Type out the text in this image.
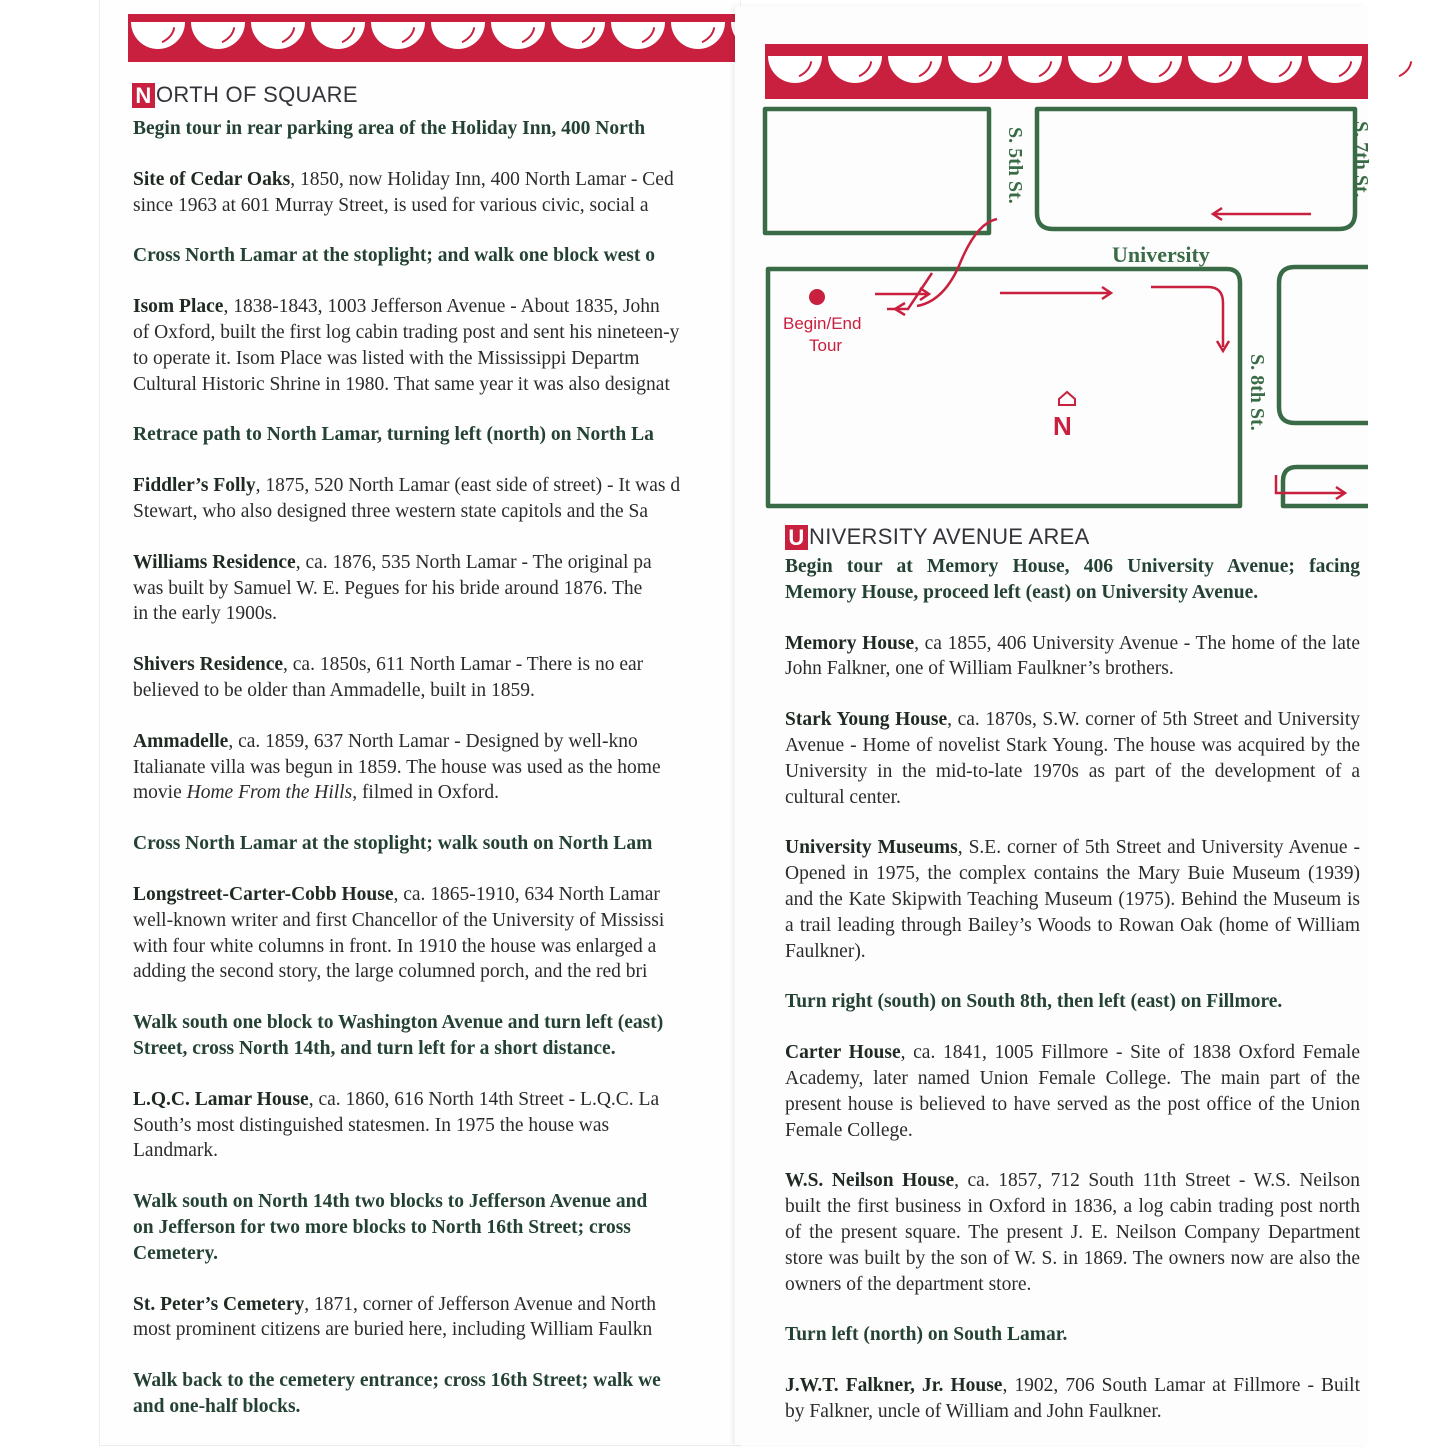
N ORTH OF SQUARE
Begin tour in rear parking area of the Holiday Inn, 400 North
Site of Cedar Oaks, 1850, now Holiday Inn, 400 North Lamar - Ced
since 1963 at 601 Murray Street, is used for various civic, social a
Cross North Lamar at the stoplight; and walk one block west o
Isom Place, 1838-1843, 1003 Jefferson Avenue - About 1835, John
of Oxford, built the first log cabin trading post and sent his nineteen-y
to operate it. Isom Place was listed with the Mississippi Departm
Cultural Historic Shrine in 1980. That same year it was also designat
Retrace path to North Lamar, turning left (north) on North La
Fiddler’s Folly, 1875, 520 North Lamar (east side of street) - It was d
Stewart, who also designed three western state capitols and the Sa
Williams Residence, ca. 1876, 535 North Lamar - The original pa
was built by Samuel W. E. Pegues for his bride around 1876. The
in the early 1900s.
Shivers Residence, ca. 1850s, 611 North Lamar - There is no ear
believed to be older than Ammadelle, built in 1859.
Ammadelle, ca. 1859, 637 North Lamar - Designed by well-kno
Italianate villa was begun in 1859. The house was used as the home
movie Home From the Hills, filmed in Oxford.
Cross North Lamar at the stoplight; walk south on North Lam
Longstreet-Carter-Cobb House, ca. 1865-1910, 634 North Lamar
well-known writer and first Chancellor of the University of Mississi
with four white columns in front. In 1910 the house was enlarged a
adding the second story, the large columned porch, and the red bri
Walk south one block to Washington Avenue and turn left (east)
Street, cross North 14th, and turn left for a short distance.
L.Q.C. Lamar House, ca. 1860, 616 North 14th Street - L.Q.C. La
South’s most distinguished statesmen. In 1975 the house was
Landmark.
Walk south on North 14th two blocks to Jefferson Avenue and
on Jefferson for two more blocks to North 16th Street; cross
Cemetery.
St. Peter’s Cemetery, 1871, corner of Jefferson Avenue and North
most prominent citizens are buried here, including William Faulkn
Walk back to the cemetery entrance; cross 16th Street; walk we
and one-half blocks.
S. 5th St.	S. 7th St.
S. 8th St.
University
Begin/End
Tour
N
U NIVERSITY AVENUE AREA
Begin tour at Memory House, 406 University Avenue; facing Memory House, proceed left (east) on University Avenue.
Memory House, ca 1855, 406 University Avenue - The home of the late John Falkner, one of William Faulkner’s brothers.
Stark Young House, ca. 1870s, S.W. corner of 5th Street and University Avenue - Home of novelist Stark Young. The house was acquired by the University in the mid-to-late 1970s as part of the development of a cultural center.
University Museums, S.E. corner of 5th Street and University Avenue - Opened in 1975, the complex contains the Mary Buie Museum (1939) and the Kate Skipwith Teaching Museum (1975). Behind the Museum is a trail leading through Bailey’s Woods to Rowan Oak (home of William Faulkner).
Turn right (south) on South 8th, then left (east) on Fillmore.
Carter House, ca. 1841, 1005 Fillmore - Site of 1838 Oxford Female Academy, later named Union Female College. The main part of the present house is believed to have served as the post office of the Union Female College.
W.S. Neilson House, ca. 1857, 712 South 11th Street - W.S. Neilson built the first business in Oxford in 1836, a log cabin trading post north of the present square. The present J. E. Neilson Company Department store was built by the son of W. S. in 1869. The owners now are also the owners of the department store.
Turn left (north) on South Lamar.
J.W.T. Falkner, Jr. House, 1902, 706 South Lamar at Fillmore - Built by Falkner, uncle of William and John Faulkner.
